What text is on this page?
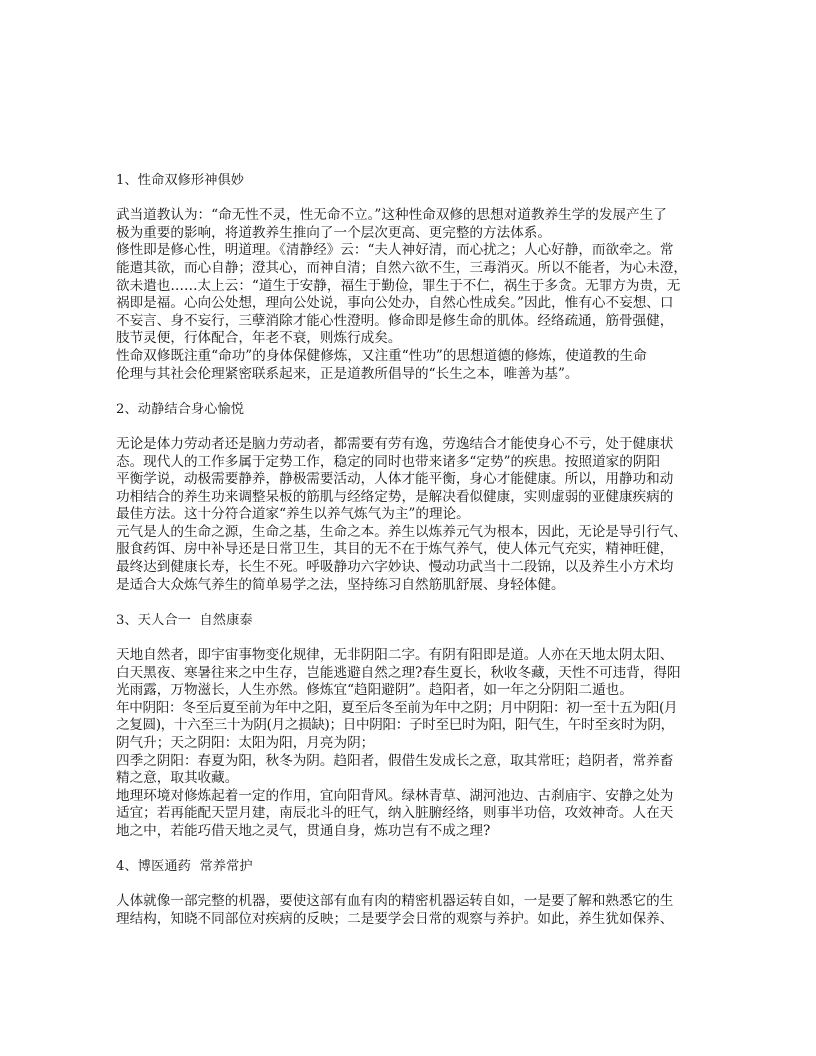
1、性命双修形神俱妙

武当道教认为：“命无性不灵，性无命不立。”这种性命双修的思想对道教养生学的发展产生了
极为重要的影响，将道教养生推向了一个层次更高、更完整的方法体系。
修性即是修心性，明道理。《清静经》云：“夫人神好清，而心扰之；人心好静，而欲牵之。常
能遣其欲，而心自静；澄其心，而神自清；自然六欲不生，三毒消灭。所以不能者，为心未澄，
欲未遣也……太上云：“道生于安静，福生于勤俭，罪生于不仁，祸生于多贪。无罪方为贵，无
祸即是福。心向公处想，理向公处说，事向公处办，自然心性成矣。”因此，惟有心不妄想、口
不妄言、身不妄行，三孽消除才能心性澄明。修命即是修生命的肌体。经络疏通，筋骨强健，
肢节灵便，行体配合，年老不衰，则炼行成矣。
性命双修既注重“命功”的身体保健修炼，又注重“性功”的思想道德的修炼，使道教的生命
伦理与其社会伦理紧密联系起来，正是道教所倡导的“长生之本，唯善为基”。

2、动静结合身心愉悦

无论是体力劳动者还是脑力劳动者，都需要有劳有逸，劳逸结合才能使身心不亏，处于健康状
态。现代人的工作多属于定势工作，稳定的同时也带来诸多“定势”的疾患。按照道家的阴阳
平衡学说，动极需要静养，静极需要活动，人体才能平衡，身心才能健康。所以，用静功和动
功相结合的养生功来调整呆板的筋肌与经络定势，是解决看似健康，实则虚弱的亚健康疾病的
最佳方法。这十分符合道家“养生以养气炼气为主”的理论。
元气是人的生命之源，生命之基，生命之本。养生以炼养元气为根本，因此，无论是导引行气、
服食药饵、房中补导还是日常卫生，其目的无不在于炼气养气，使人体元气充实，精神旺健，
最终达到健康长寿，长生不死。呼吸静功六字妙诀、慢动功武当十二段锦，以及养生小方术均
是适合大众炼气养生的简单易学之法，坚持练习自然筋肌舒展、身轻体健。

3、天人合一  自然康泰

天地自然者，即宇宙事物变化规律，无非阴阳二字。有阴有阳即是道。人亦在天地太阴太阳、
白天黑夜、寒暑往来之中生存，岂能逃避自然之理?春生夏长，秋收冬藏，天性不可违背，得阳
光雨露，万物滋长，人生亦然。修炼宜“趋阳避阴”。趋阳者，如一年之分阴阳二遁也。
年中阴阳：冬至后夏至前为年中之阳，夏至后冬至前为年中之阴；月中阴阳：初一至十五为阳(月
之复圆)，十六至三十为阴(月之损缺)；日中阴阳：子时至巳时为阳，阳气生，午时至亥时为阴，
阴气升；天之阴阳：太阳为阳，月亮为阴；
四季之阴阳：春夏为阳，秋冬为阴。趋阳者，假借生发成长之意，取其常旺；趋阴者，常养畜
精之意，取其收藏。
地理环境对修炼起着一定的作用，宜向阳背风。绿林青草、湖河池边、古刹庙宇、安静之处为
适宜；若再能配天罡月建，南辰北斗的旺气，纳入脏腑经络，则事半功倍，攻效神奇。人在天
地之中，若能巧借天地之灵气，贯通自身，炼功岂有不成之理?

4、博医通药  常养常护

人体就像一部完整的机器，要使这部有血有肉的精密机器运转自如，一是要了解和熟悉它的生
理结构，知晓不同部位对疾病的反映；二是要学会日常的观察与养护。如此，养生犹如保养、
